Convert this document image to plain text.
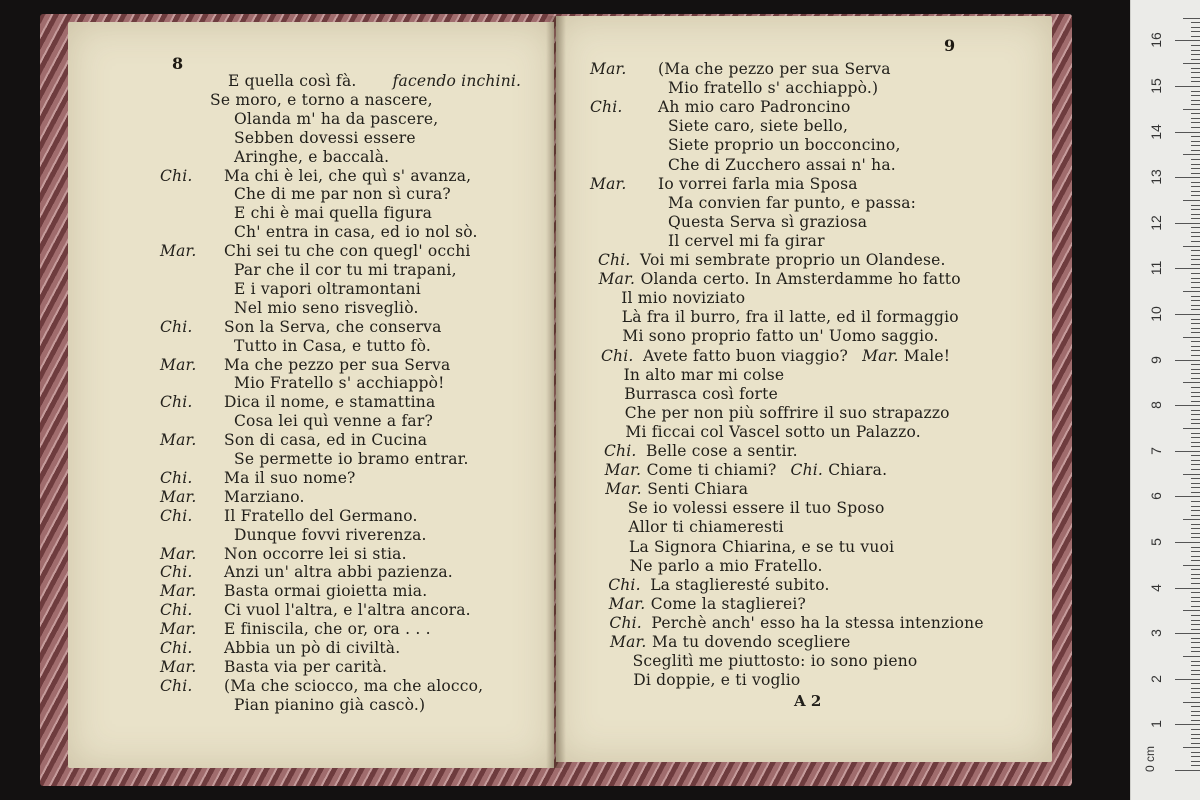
8
E quella così fà. facendo inchini.
Se moro, e torno a nascere,
Olanda m' ha da pascere,
Sebben dovessi essere
Aringhe, e baccalà.
Chi. Ma chi è lei, che quì s' avanza,
Che di me par non sì cura?
E chi è mai quella figura
Ch' entra in casa, ed io nol sò.
Mar. Chi sei tu che con quegl' occhi
Par che il cor tu mi trapani,
E i vapori oltramontani
Nel mio seno risvegliò.
Chi. Son la Serva, che conserva
Tutto in Casa, e tutto fò.
Mar. Ma che pezzo per sua Serva
Mio Fratello s' acchiappò!
Chi. Dica il nome, e stamattina
Cosa lei quì venne a far?
Mar. Son di casa, ed in Cucina
Se permette io bramo entrar.
Chi. Ma il suo nome?
Mar. Marziano.
Chi. Il Fratello del Germano.
Dunque fovvi riverenza.
Mar. Non occorre lei si stia.
Chi. Anzi un' altra abbi pazienza.
Mar. Basta ormai gioietta mia.
Chi. Ci vuol l'altra, e l'altra ancora.
Mar. E finiscila, che or, ora . . .
Chi. Abbia un pò di civiltà.
Mar. Basta via per carità.
Chi. (Ma che sciocco, ma che alocco,
Pian pianino già cascò.)
9
Mar. (Ma che pezzo per sua Serva
Mio fratello s' acchiappò.)
Chi. Ah mio caro Padroncino
Siete caro, siete bello,
Siete proprio un bocconcino,
Che di Zucchero assai n' ha.
Mar. Io vorrei farla mia Sposa
Ma convien far punto, e passa:
Questa Serva sì graziosa
Il cervel mi fa girar
Chi. Voi mi sembrate proprio un Olandese.
Mar. Olanda certo. In Amsterdamme ho fatto
Il mio noviziato
Là fra il burro, fra il latte, ed il formaggio
Mi sono proprio fatto un' Uomo saggio.
Chi. Avete fatto buon viaggio? Mar. Male!
In alto mar mi colse
Burrasca così forte
Che per non più soffrire il suo strapazzo
Mi ficcai col Vascel sotto un Palazzo.
Chi. Belle cose a sentir.
Mar. Come ti chiami? Chi. Chiara.
Mar. Senti Chiara
Se io volessi essere il tuo Sposo
Allor ti chiameresti
La Signora Chiarina, e se tu vuoi
Ne parlo a mio Fratello.
Chi. La staglieresté subito.
Mar. Come la staglierei?
Chi. Perchè anch' esso ha la stessa intenzione
Mar. Ma tu dovendo scegliere
Sceglitì me piuttosto: io sono pieno
Di doppie, e ti voglio
A 2
0 cm
1
2
3
4
5
6
7
8
9
10
11
12
13
14
15
16
